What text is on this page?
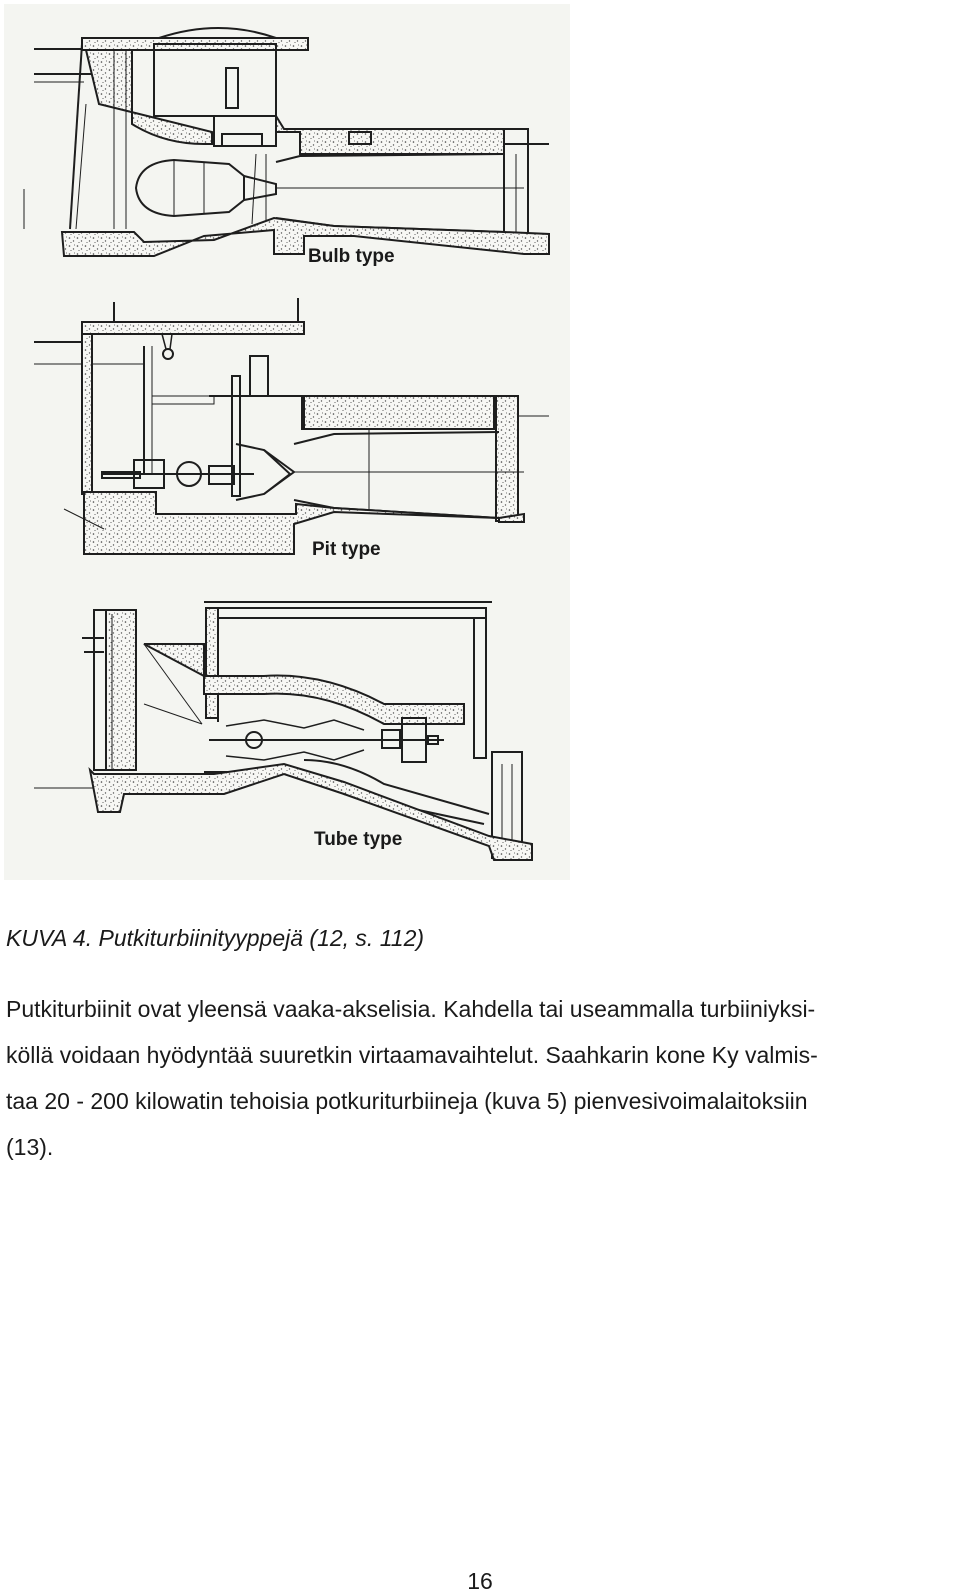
Bulb type
Pit type
Tube type
KUVA 4. Putkiturbiinityyppejä (12, s. 112)
Putkiturbiinit ovat yleensä vaaka-akselisia. Kahdella tai useammalla turbiiniyksi-
köllä voidaan hyödyntää suuretkin virtaamavaihtelut. Saahkarin kone Ky valmis-
taa 20 - 200 kilowatin tehoisia potkuriturbiineja (kuva 5) pienvesivoimalaitoksiin
(13).
16
